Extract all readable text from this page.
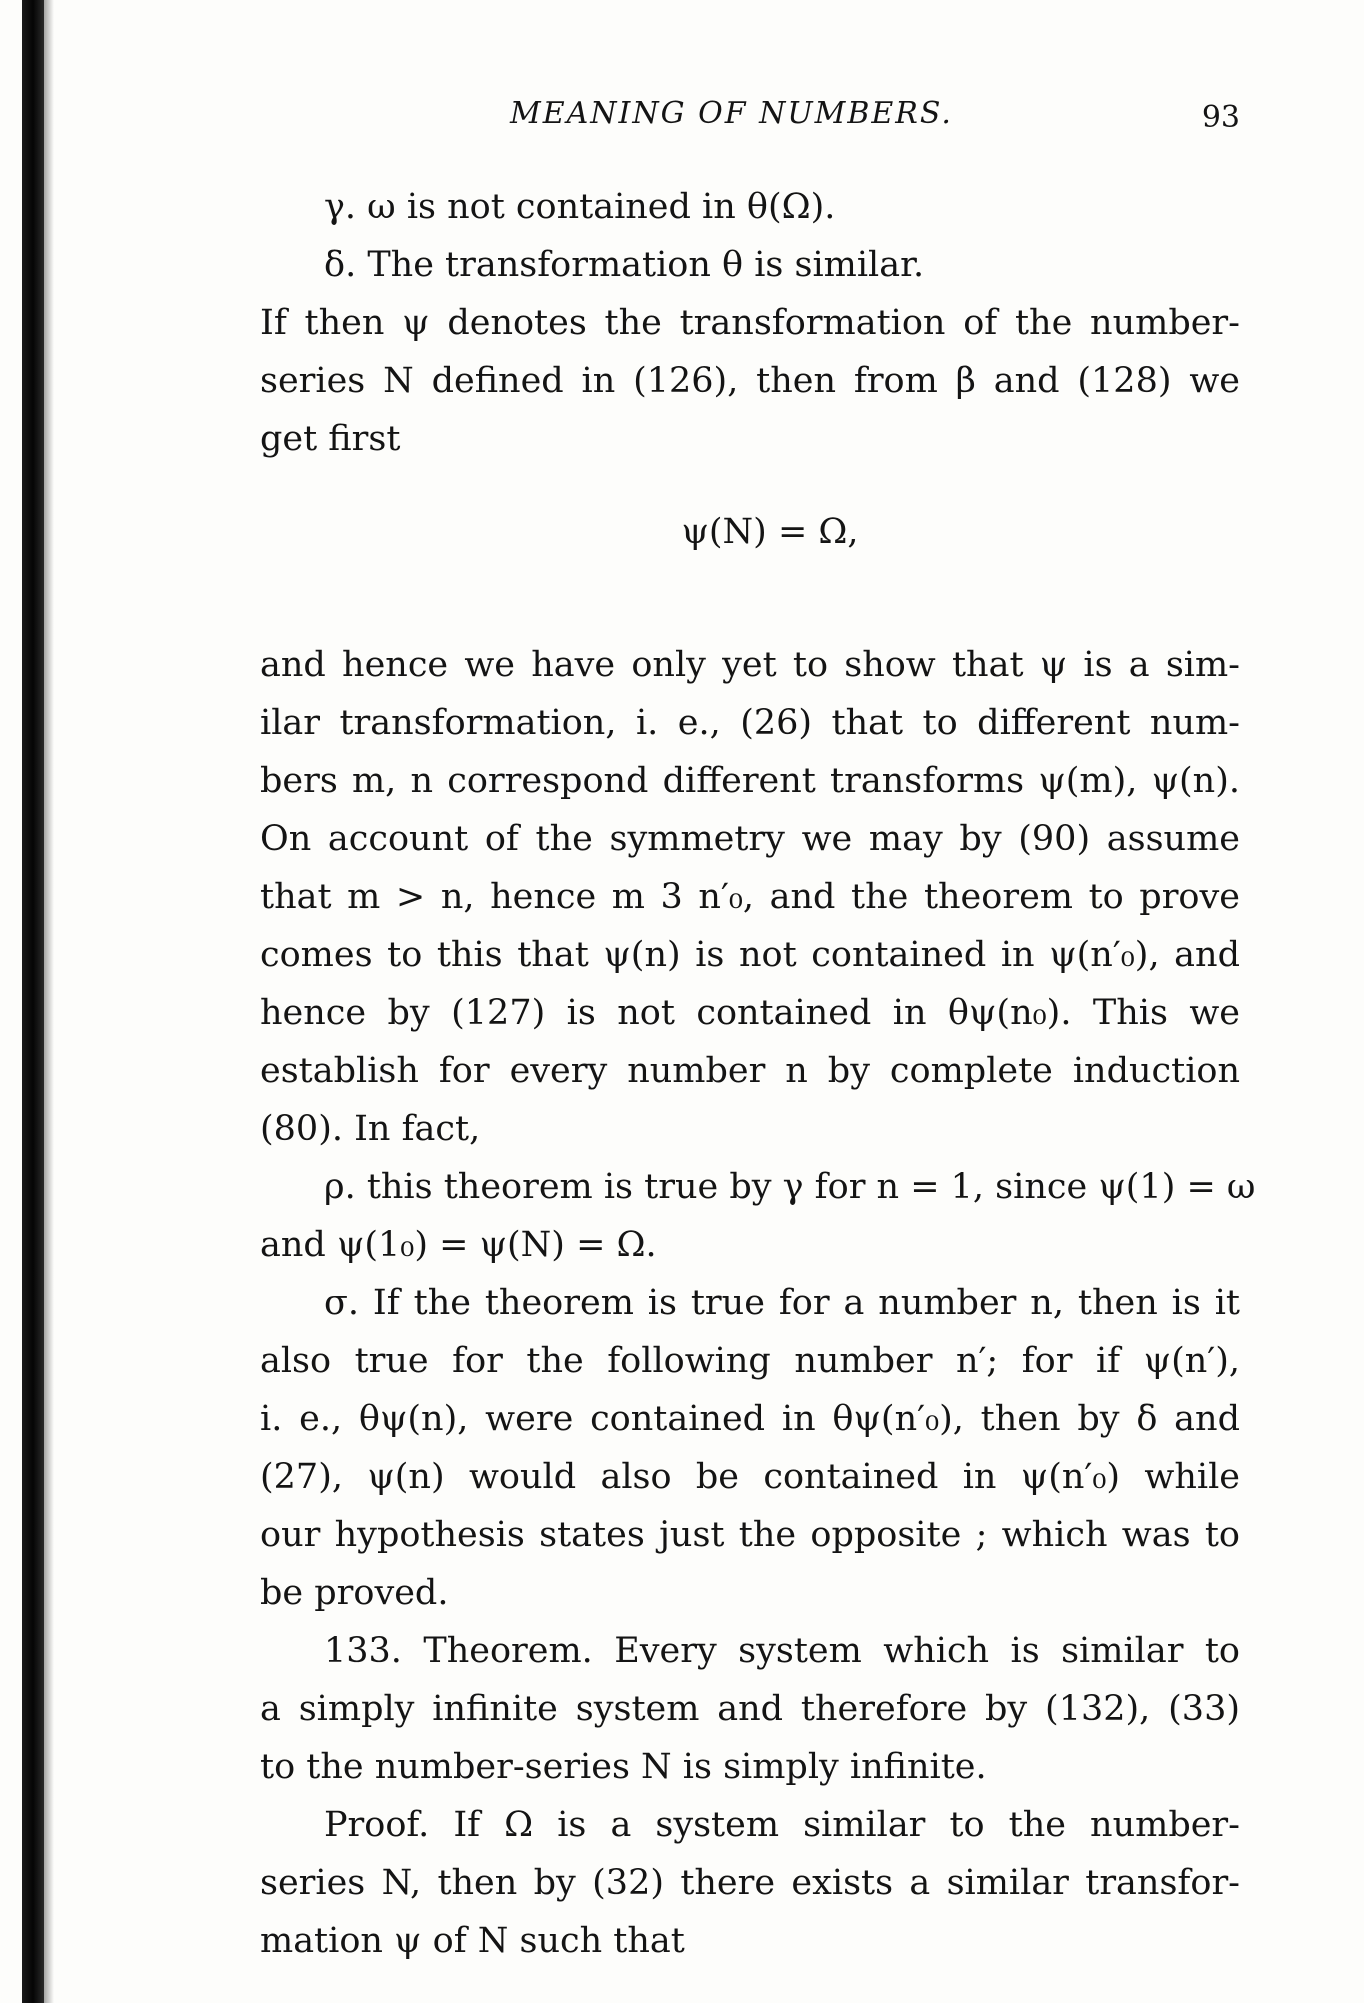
MEANING OF NUMBERS.	93

γ. ω is not contained in θ(Ω).

δ. The transformation θ is similar.

If then ψ denotes the transformation of the number-

series N defined in (126), then from β and (128) we

get first

ψ(N) = Ω,

and hence we have only yet to show that ψ is a sim-

ilar transformation, i. e., (26) that to different num-

bers m, n correspond different transforms ψ(m), ψ(n).

On account of the symmetry we may by (90) assume

that m > n, hence m 3 n′₀, and the theorem to prove

comes to this that ψ(n) is not contained in ψ(n′₀), and

hence by (127) is not contained in θψ(n₀). This we

establish for every number n by complete induction

(80). In fact,

ρ. this theorem is true by γ for n = 1, since ψ(1) = ω

and ψ(1₀) = ψ(N) = Ω.

σ. If the theorem is true for a number n, then is it

also true for the following number n′; for if ψ(n′),

i. e., θψ(n), were contained in θψ(n′₀), then by δ and

(27), ψ(n) would also be contained in ψ(n′₀) while

our hypothesis states just the opposite ; which was to

be proved.

133. Theorem. Every system which is similar to

a simply infinite system and therefore by (132), (33)

to the number-series N is simply infinite.

Proof. If Ω is a system similar to the number-

series N, then by (32) there exists a similar transfor-

mation ψ of N such that
